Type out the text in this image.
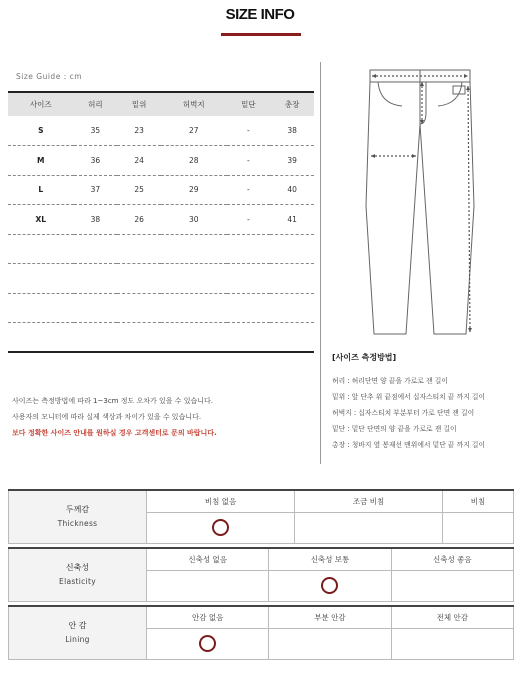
SIZE INFO
Size Guide : cm
사이즈	허리	밑위	허벅지	밑단	총장
S	35	23	27	-	38
M	36	24	28	-	39
L	37	25	29	-	40
XL	38	26	30	-	41

사이즈는 측정방법에 따라 1~3cm 정도 오차가 있을 수 있습니다.
사용자의 모니터에 따라 실제 색상과 차이가 있을 수 있습니다.
보다 정확한 사이즈 안내를 원하실 경우 고객센터로 문의 바랍니다.
[사이즈 측정방법]
허리 : 허리단면 양 끝을 가로로 잰 길이
밑위 : 앞 단추 위 끝점에서 십자스티치 끝 까지 길이
허벅지 : 십자스티치 부분부터 가로 단면 잰 길이
밑단 : 밑단 단면의 양 끝을 가로로 잰 길이
총장 : 청바지 옆 봉재선 맨위에서 밑단 끝 까지 길이
두께감
Thickness	비침 없음	조금 비침	비침

신축성
Elasticity	신축성 없음	신축성 보통	신축성 좋음

안 감
Lining	안감 없음	부분 안감	전체 안감
